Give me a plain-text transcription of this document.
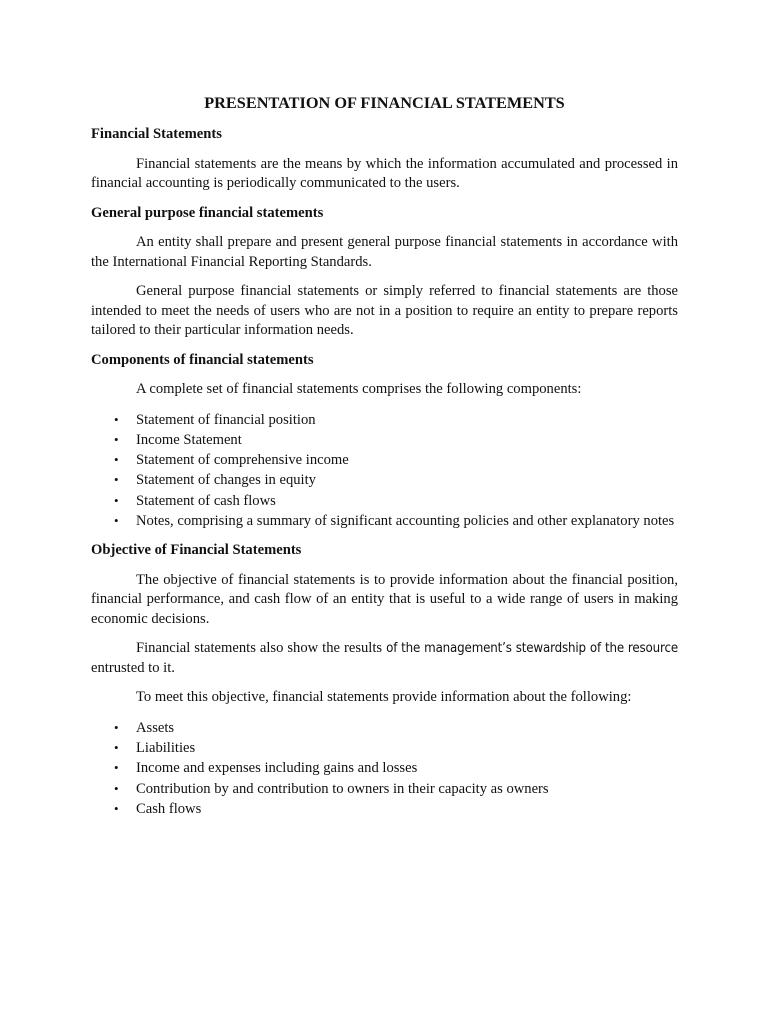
PRESENTATION OF FINANCIAL STATEMENTS
Financial Statements

Financial statements are the means by which the information accumulated and processed in financial accounting is periodically communicated to the users.

General purpose financial statements

An entity shall prepare and present general purpose financial statements in accordance with the International Financial Reporting Standards.

General purpose financial statements or simply referred to financial statements are those intended to meet the needs of users who are not in a position to require an entity to prepare reports tailored to their particular information needs.

Components of financial statements

A complete set of financial statements comprises the following components:

• Statement of financial position
• Income Statement
• Statement of comprehensive income
• Statement of changes in equity
• Statement of cash flows
• Notes, comprising a summary of significant accounting policies and other explanatory notes
Objective of Financial Statements

The objective of financial statements is to provide information about the financial position, financial performance, and cash flow of an entity that is useful to a wide range of users in making economic decisions.

Financial statements also show the results of the management’s stewardship of the resource entrusted to it.

To meet this objective, financial statements provide information about the following:

• Assets
• Liabilities
• Income and expenses including gains and losses
• Contribution by and contribution to owners in their capacity as owners
• Cash flows
